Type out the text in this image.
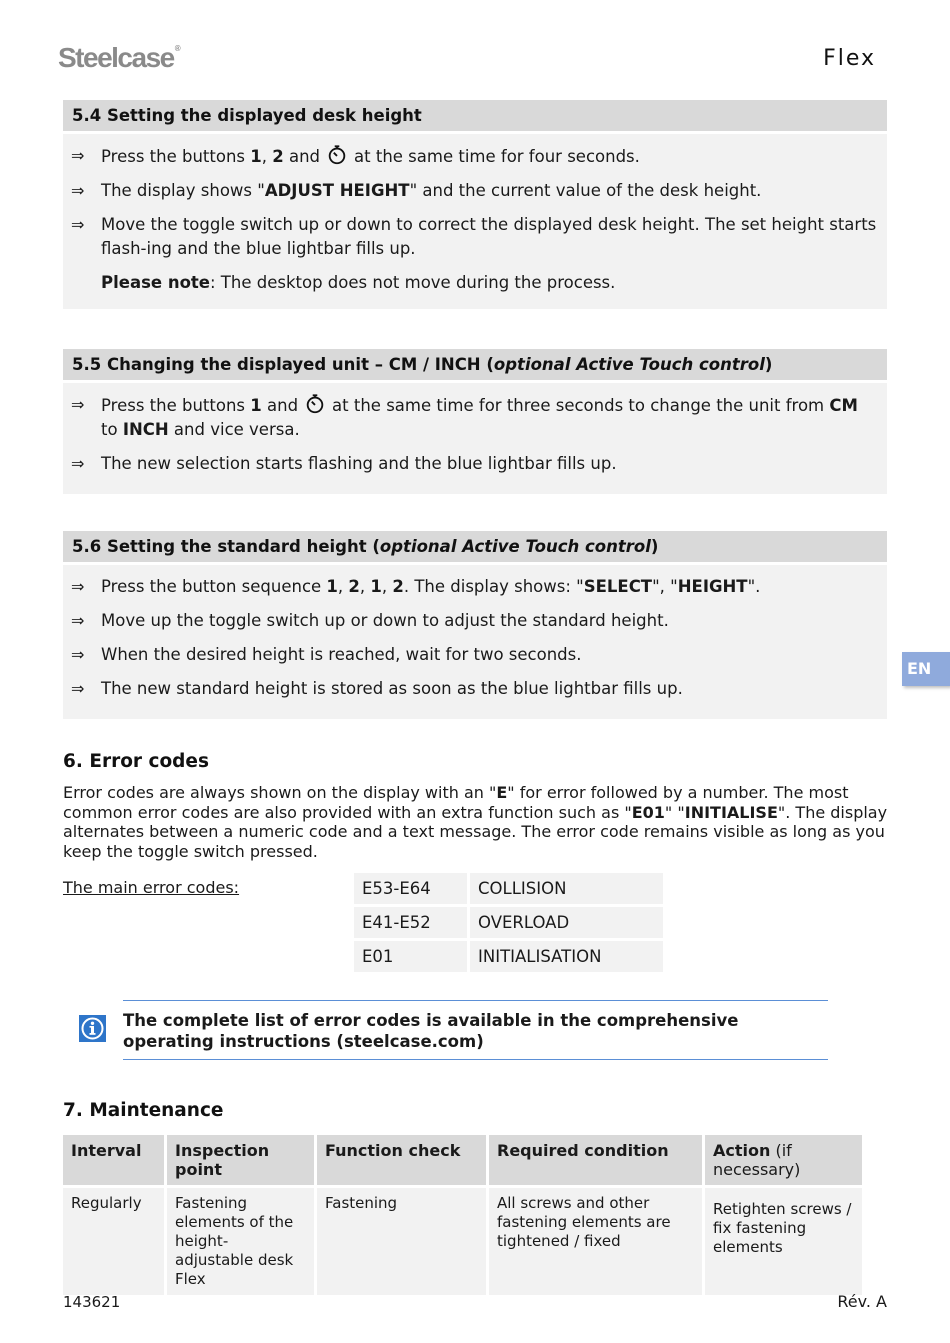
Steelcase®	Flex
5.4 Setting the displayed desk height
⇒ Press the buttons 1, 2 and at the same time for four seconds.
⇒ The display shows "ADJUST HEIGHT" and the current value of the desk height.
⇒ Move the toggle switch up or down to correct the displayed desk height. The set height starts flash-ing and the blue lightbar fills up.
Please note: The desktop does not move during the process.
5.5 Changing the displayed unit – CM / INCH (optional Active Touch control)
⇒ Press the buttons 1 and at the same time for three seconds to change the unit from CM to INCH and vice versa.
⇒ The new selection starts flashing and the blue lightbar fills up.
5.6 Setting the standard height (optional Active Touch control)
⇒ Press the button sequence 1, 2, 1, 2. The display shows: "SELECT", "HEIGHT".
⇒ Move up the toggle switch up or down to adjust the standard height.
⇒ When the desired height is reached, wait for two seconds.
⇒ The new standard height is stored as soon as the blue lightbar fills up.
EN
6. Error codes
Error codes are always shown on the display with an "E" for error followed by a number. The most common error codes are also provided with an extra function such as "E01" "INITIALISE". The display alternates between a numeric code and a text message. The error code remains visible as long as you keep the toggle switch pressed.
The main error codes:	E53-E64	COLLISION
E41-E52	OVERLOAD
E01	INITIALISATION
The complete list of error codes is available in the comprehensive operating instructions (steelcase.com)
7. Maintenance
Interval	Inspection point	Function check	Required condition	Action (if necessary)
Regularly	Fastening elements of the height-adjustable desk Flex	Fastening	All screws and other fastening elements are tightened / fixed	Retighten screws / fix fastening elements
143621	Rév. A
